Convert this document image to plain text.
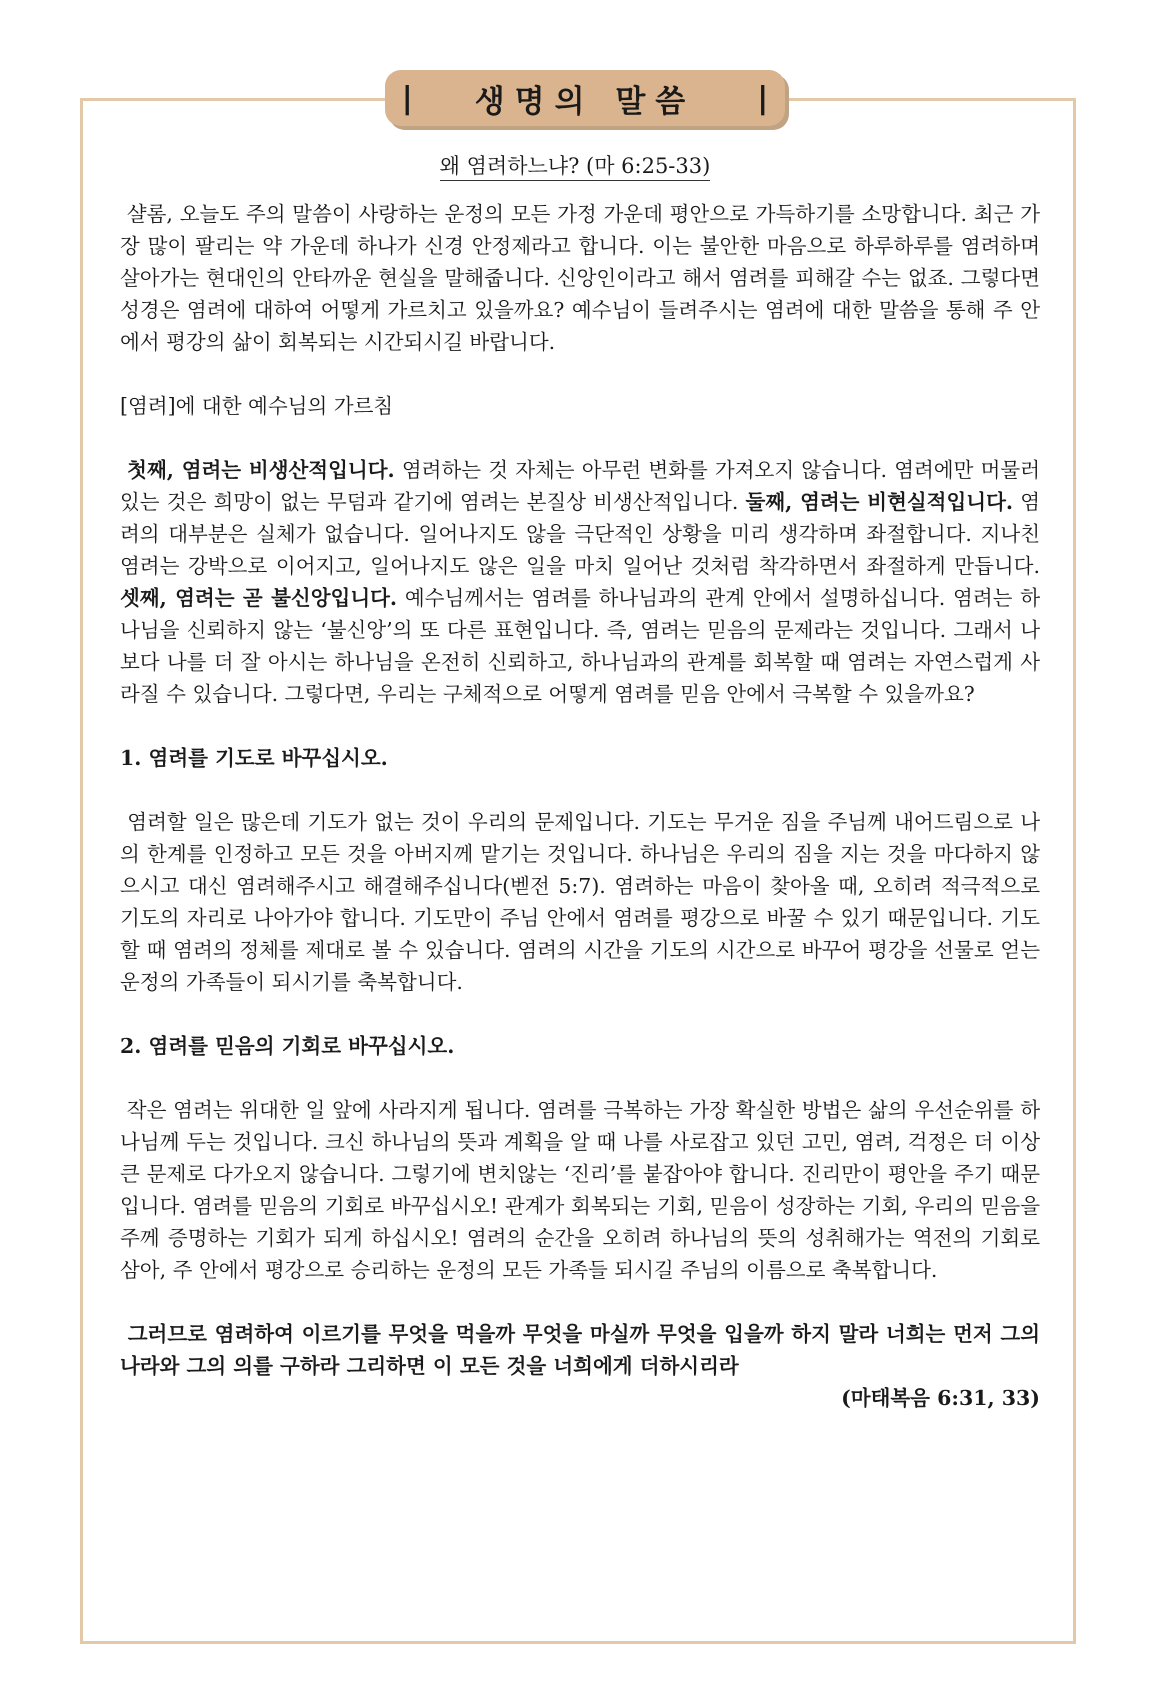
| 생명의 말씀 |
왜 염려하느냐? (마 6:25-33)

샬롬, 오늘도 주의 말씀이 사랑하는 운정의 모든 가정 가운데 평안으로 가득하기를 소망합니다. 최근 가장 많이 팔리는 약 가운데 하나가 신경 안정제라고 합니다. 이는 불안한 마음으로 하루하루를 염려하며 살아가는 현대인의 안타까운 현실을 말해줍니다. 신앙인이라고 해서 염려를 피해갈 수는 없죠. 그렇다면 성경은 염려에 대하여 어떻게 가르치고 있을까요? 예수님이 들려주시는 염려에 대한 말씀을 통해 주 안에서 평강의 삶이 회복되는 시간되시길 바랍니다.

[염려]에 대한 예수님의 가르침

첫째, 염려는 비생산적입니다. 염려하는 것 자체는 아무런 변화를 가져오지 않습니다. 염려에만 머물러 있는 것은 희망이 없는 무덤과 같기에 염려는 본질상 비생산적입니다. 둘째, 염려는 비현실적입니다. 염려의 대부분은 실체가 없습니다. 일어나지도 않을 극단적인 상황을 미리 생각하며 좌절합니다. 지나친 염려는 강박으로 이어지고, 일어나지도 않은 일을 마치 일어난 것처럼 착각하면서 좌절하게 만듭니다. 셋째, 염려는 곧 불신앙입니다. 예수님께서는 염려를 하나님과의 관계 안에서 설명하십니다. 염려는 하나님을 신뢰하지 않는 ‘불신앙’의 또 다른 표현입니다. 즉, 염려는 믿음의 문제라는 것입니다. 그래서 나보다 나를 더 잘 아시는 하나님을 온전히 신뢰하고, 하나님과의 관계를 회복할 때 염려는 자연스럽게 사라질 수 있습니다. 그렇다면, 우리는 구체적으로 어떻게 염려를 믿음 안에서 극복할 수 있을까요?

1. 염려를 기도로 바꾸십시오.

염려할 일은 많은데 기도가 없는 것이 우리의 문제입니다. 기도는 무거운 짐을 주님께 내어드림으로 나의 한계를 인정하고 모든 것을 아버지께 맡기는 것입니다. 하나님은 우리의 짐을 지는 것을 마다하지 않으시고 대신 염려해주시고 해결해주십니다(벧전 5:7). 염려하는 마음이 찾아올 때, 오히려 적극적으로 기도의 자리로 나아가야 합니다. 기도만이 주님 안에서 염려를 평강으로 바꿀 수 있기 때문입니다. 기도할 때 염려의 정체를 제대로 볼 수 있습니다. 염려의 시간을 기도의 시간으로 바꾸어 평강을 선물로 얻는 운정의 가족들이 되시기를 축복합니다.

2. 염려를 믿음의 기회로 바꾸십시오.

작은 염려는 위대한 일 앞에 사라지게 됩니다. 염려를 극복하는 가장 확실한 방법은 삶의 우선순위를 하나님께 두는 것입니다. 크신 하나님의 뜻과 계획을 알 때 나를 사로잡고 있던 고민, 염려, 걱정은 더 이상 큰 문제로 다가오지 않습니다. 그렇기에 변치않는 ‘진리’를 붙잡아야 합니다. 진리만이 평안을 주기 때문입니다. 염려를 믿음의 기회로 바꾸십시오! 관계가 회복되는 기회, 믿음이 성장하는 기회, 우리의 믿음을 주께 증명하는 기회가 되게 하십시오! 염려의 순간을 오히려 하나님의 뜻의 성취해가는 역전의 기회로 삼아, 주 안에서 평강으로 승리하는 운정의 모든 가족들 되시길 주님의 이름으로 축복합니다.

그러므로 염려하여 이르기를 무엇을 먹을까 무엇을 마실까 무엇을 입을까 하지 말라 너희는 먼저 그의 나라와 그의 의를 구하라 그리하면 이 모든 것을 너희에게 더하시리라

(마태복음 6:31, 33)
